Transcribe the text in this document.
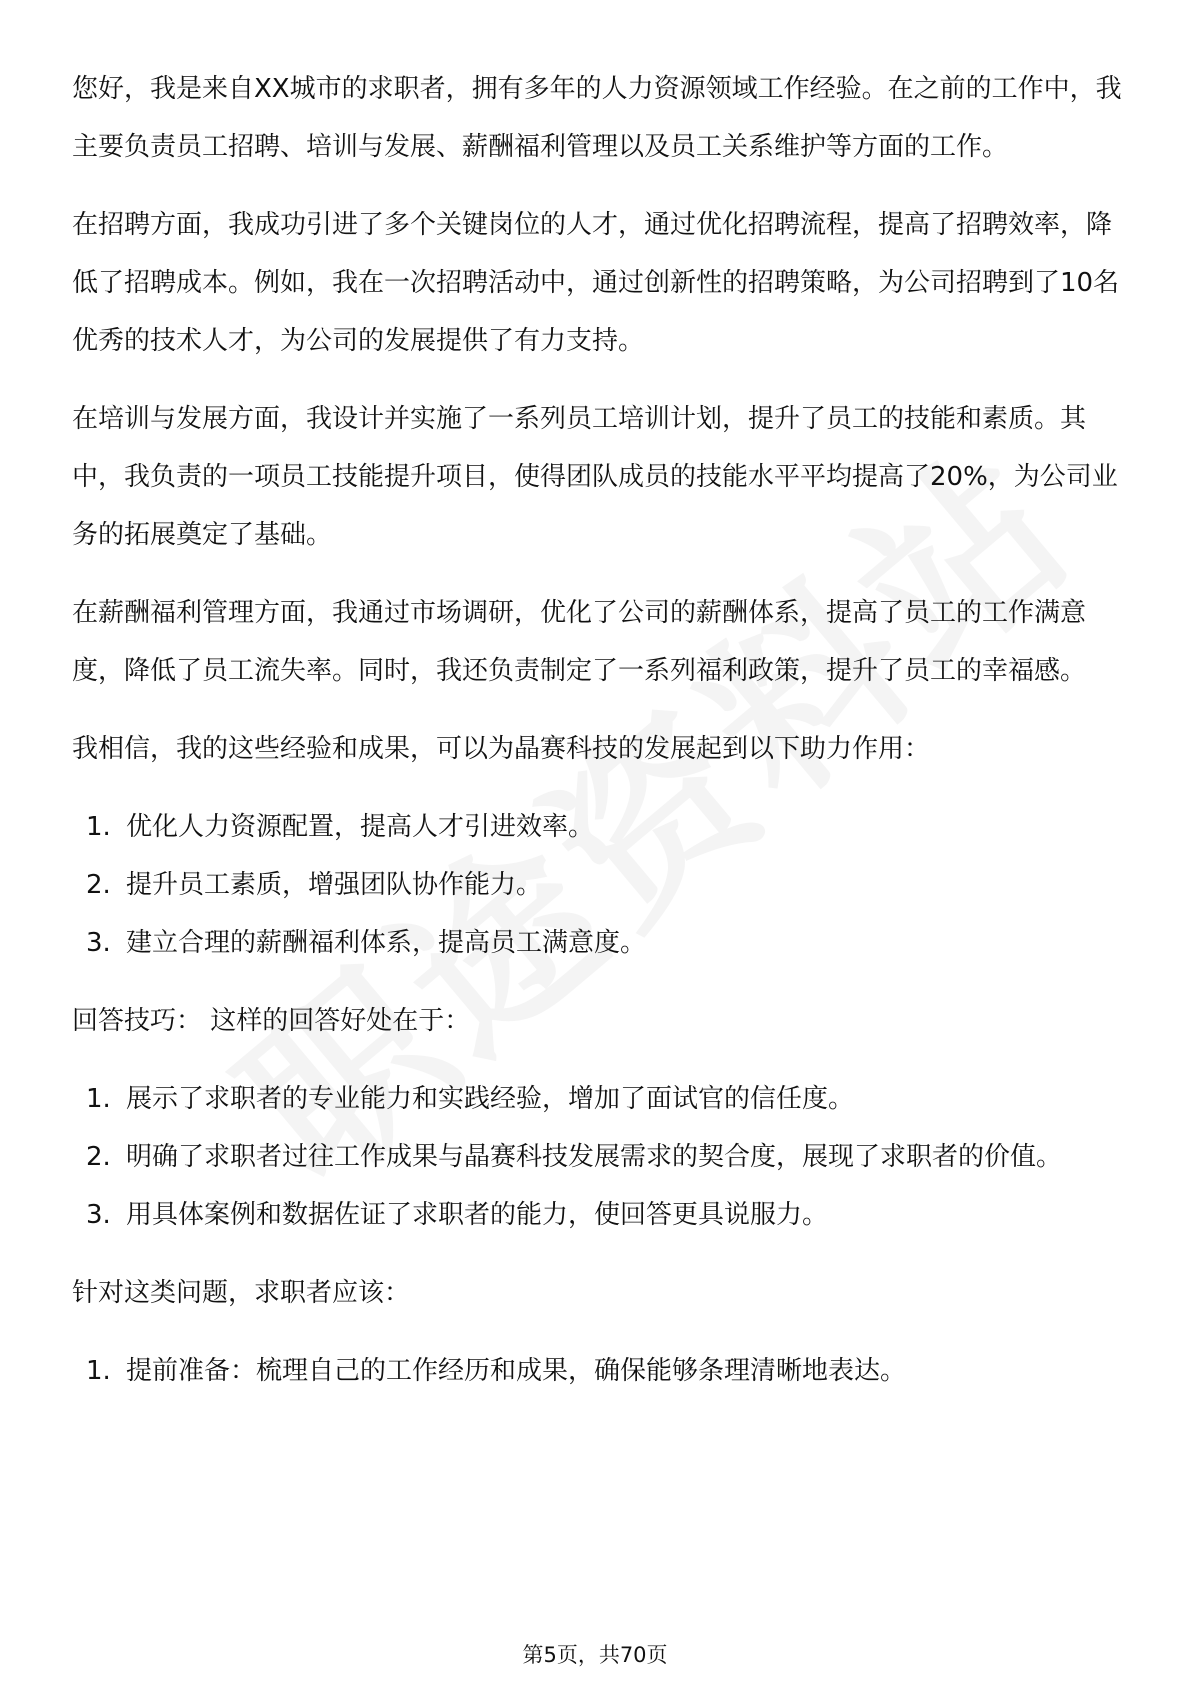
您好，我是来自XX城市的求职者，拥有多年的人力资源领域工作经验。在之前的工作中，我主要负责员工招聘、培训与发展、薪酬福利管理以及员工关系维护等方面的工作。

在招聘方面，我成功引进了多个关键岗位的人才，通过优化招聘流程，提高了招聘效率，降低了招聘成本。例如，我在一次招聘活动中，通过创新性的招聘策略，为公司招聘到了10名优秀的技术人才，为公司的发展提供了有力支持。

在培训与发展方面，我设计并实施了一系列员工培训计划，提升了员工的技能和素质。其中，我负责的一项员工技能提升项目，使得团队成员的技能水平平均提高了20%，为公司业务的拓展奠定了基础。

在薪酬福利管理方面，我通过市场调研，优化了公司的薪酬体系，提高了员工的工作满意度，降低了员工流失率。同时，我还负责制定了一系列福利政策，提升了员工的幸福感。

我相信，我的这些经验和成果，可以为晶赛科技的发展起到以下助力作用：

1. 优化人力资源配置，提高人才引进效率。
2. 提升员工素质，增强团队协作能力。
3. 建立合理的薪酬福利体系，提高员工满意度。

回答技巧： 这样的回答好处在于：

1. 展示了求职者的专业能力和实践经验，增加了面试官的信任度。
2. 明确了求职者过往工作成果与晶赛科技发展需求的契合度，展现了求职者的价值。
3. 用具体案例和数据佐证了求职者的能力，使回答更具说服力。

针对这类问题，求职者应该：

1. 提前准备：梳理自己的工作经历和成果，确保能够条理清晰地表达。
第5页，共70页
